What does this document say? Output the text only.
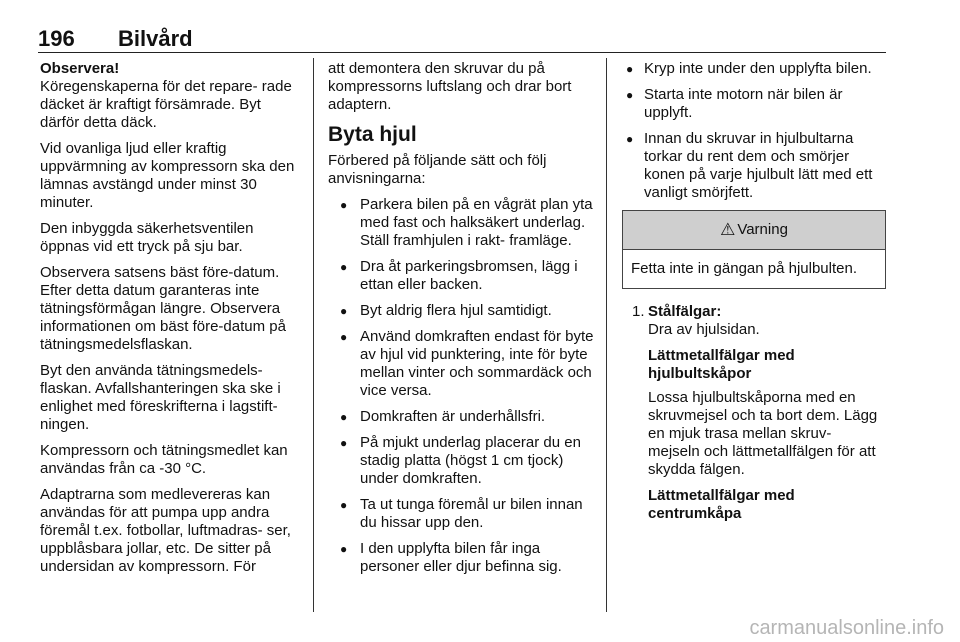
196 Bilvård
Observera!

Köregenskaperna för det repare- rade däcket är kraftigt försämrade. Byt därför detta däck.

Vid ovanliga ljud eller kraftig uppvärmning av kompressorn ska den lämnas avstängd under minst 30 minuter.

Den inbyggda säkerhetsventilen öppnas vid ett tryck på sju bar.

Observera satsens bäst före-datum. Efter detta datum garanteras inte tätningsförmågan längre. Observera informationen om bäst före-datum på tätningsmedelsflaskan.

Byt den använda tätningsmedels- flaskan. Avfallshanteringen ska ske i enlighet med föreskrifterna i lagstift- ningen.

Kompressorn och tätningsmedlet kan användas från ca -30 °C.

Adaptrarna som medlevereras kan användas för att pumpa upp andra föremål t.ex. fotbollar, luftmadras- ser, uppblåsbara jollar, etc. De sitter på undersidan av kompressorn. För

att demontera den skruvar du på kompressorns luftslang och drar bort adaptern.

Byta hjul

Förbered på följande sätt och följ anvisningarna:

● Parkera bilen på en vågrät plan yta med fast och halksäkert underlag. Ställ framhjulen i rakt- framläge.
● Dra åt parkeringsbromsen, lägg i ettan eller backen.
● Byt aldrig flera hjul samtidigt.
● Använd domkraften endast för byte av hjul vid punktering, inte för byte mellan vinter och sommardäck och vice versa.
● Domkraften är underhållsfri.
● På mjukt underlag placerar du en stadig platta (högst 1 cm tjock) under domkraften.
● Ta ut tunga föremål ur bilen innan du hissar upp den.
● I den upplyfta bilen får inga personer eller djur befinna sig.
● Kryp inte under den upplyfta bilen.
● Starta inte motorn när bilen är upplyft.
● Innan du skruvar in hjulbultarna torkar du rent dem och smörjer konen på varje hjulbult lätt med ett vanligt smörjfett.
⚠ Varning
Fetta inte in gängan på hjulbulten.
1. Stålfälgar:

Dra av hjulsidan.

Lättmetallfälgar med hjulbultskåpor

Lossa hjulbultskåporna med en skruvmejsel och ta bort dem. Lägg en mjuk trasa mellan skruv- mejseln och lättmetallfälgen för att skydda fälgen.

Lättmetallfälgar med centrumkåpa
carmanualsonline.info
